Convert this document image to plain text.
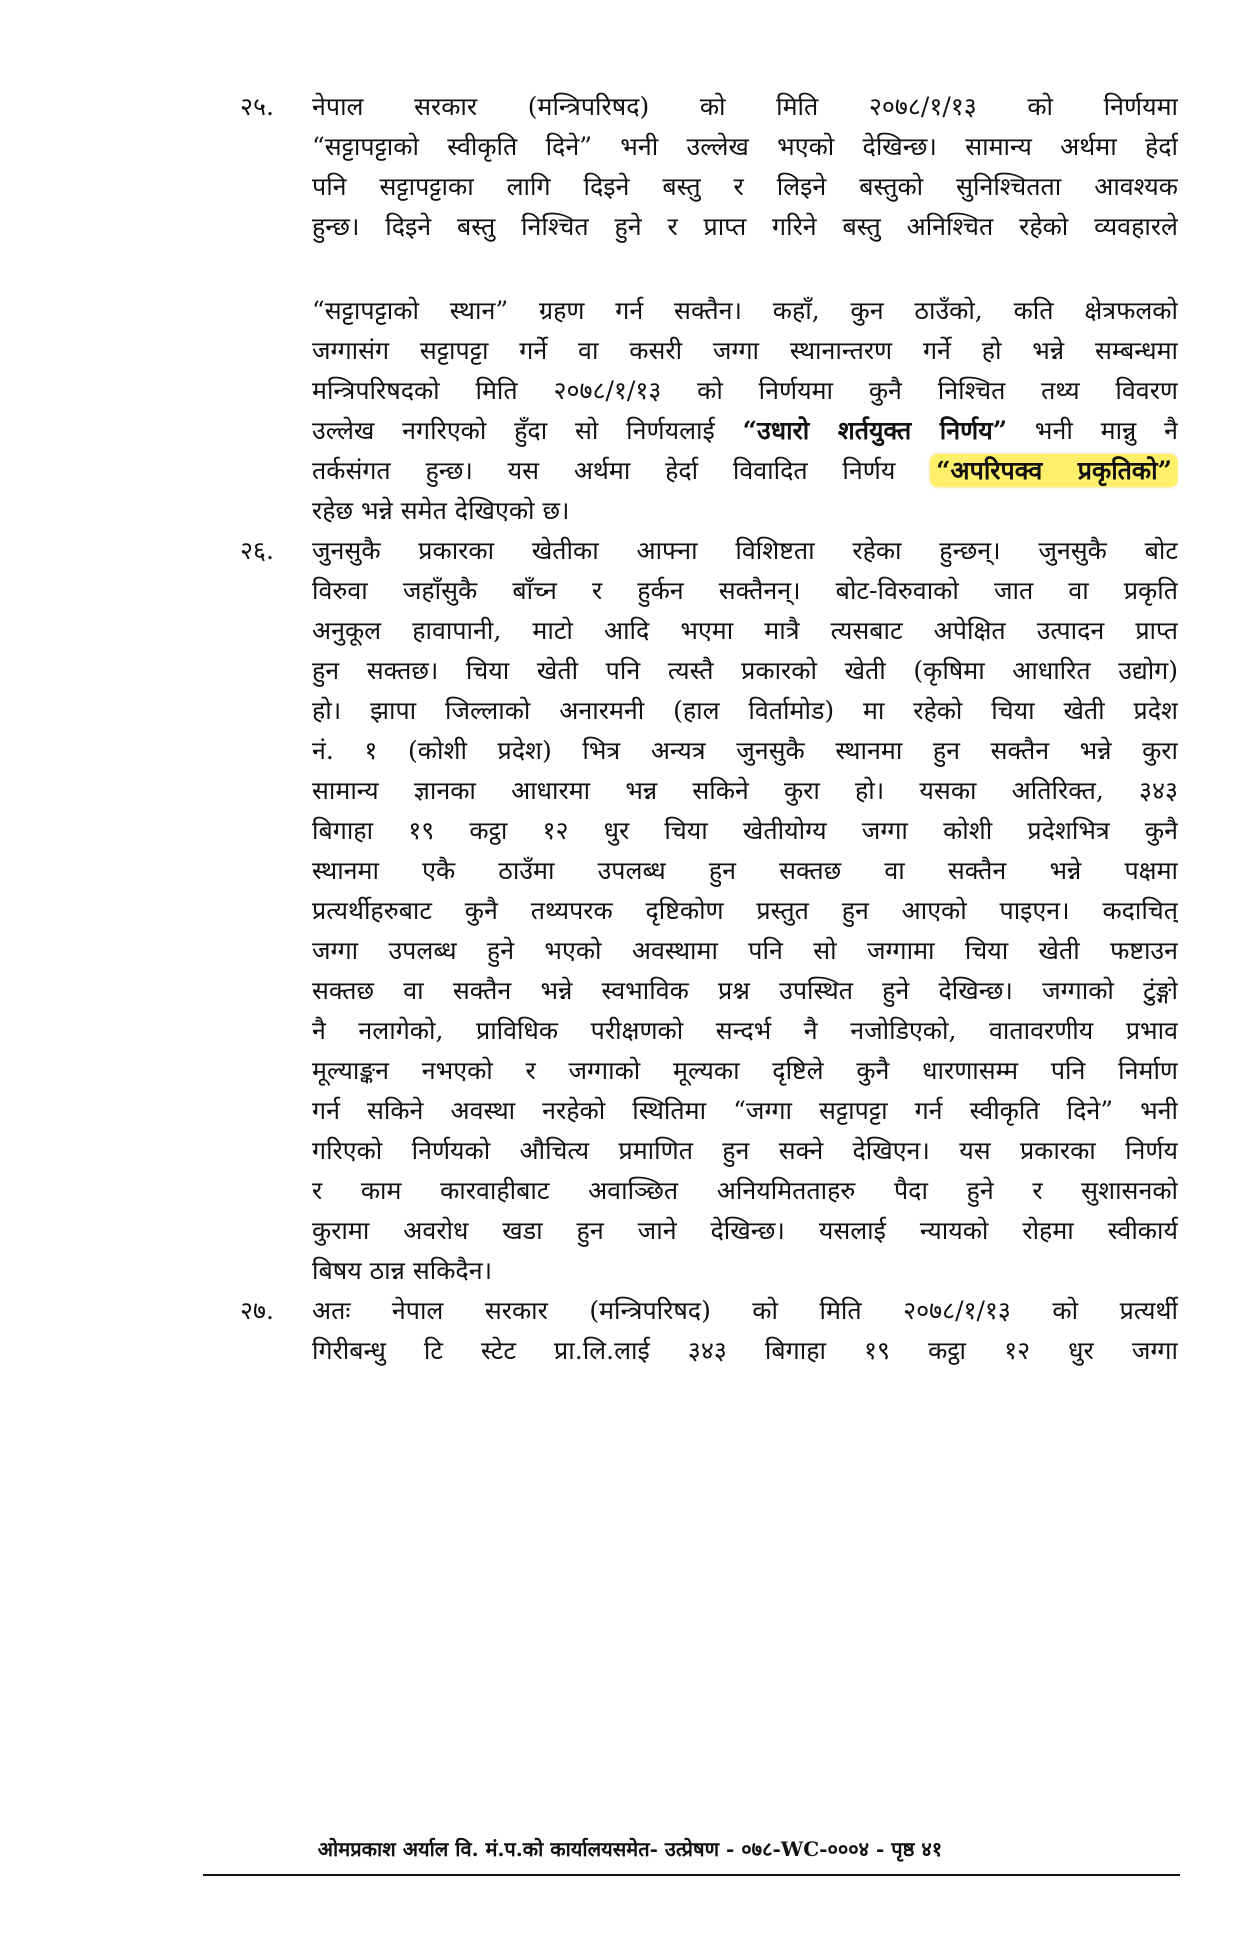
२५. नेपाल सरकार (मन्त्रिपरिषद) को मिति २०७८/१/१३ को निर्णयमा
“सट्टापट्टाको स्वीकृति दिने” भनी उल्लेख भएको देखिन्छ। सामान्य अर्थमा हेर्दा
पनि सट्टापट्टाका लागि दिइने बस्तु र लिइने बस्तुको सुनिश्चितता आवश्यक
हुन्छ। दिइने बस्तु निश्चित हुने र प्राप्त गरिने बस्तु अनिश्चित रहेको व्यवहारले
“सट्टापट्टाको स्थान” ग्रहण गर्न सक्तैन। कहाँ, कुन ठाउँको, कति क्षेत्रफलको
जग्गासंग सट्टापट्टा गर्ने वा कसरी जग्गा स्थानान्तरण गर्ने हो भन्ने सम्बन्धमा
मन्त्रिपरिषदको मिति २०७८/१/१३ को निर्णयमा कुनै निश्चित तथ्य विवरण
उल्लेख नगरिएको हुँदा सो निर्णयलाई “उधारो शर्तयुक्त निर्णय” भनी मान्नु नै
तर्कसंगत हुन्छ। यस अर्थमा हेर्दा विवादित निर्णय “अपरिपक्व प्रकृतिको”
रहेछ भन्ने समेत देखिएको छ।
२६. जुनसुकै प्रकारका खेतीका आफ्ना विशिष्टता रहेका हुन्छन्। जुनसुकै बोट
विरुवा जहाँसुकै बाँच्न र हुर्कन सक्तैनन्। बोट-विरुवाको जात वा प्रकृति
अनुकूल हावापानी, माटो आदि भएमा मात्रै त्यसबाट अपेक्षित उत्पादन प्राप्त
हुन सक्तछ। चिया खेती पनि त्यस्तै प्रकारको खेती (कृषिमा आधारित उद्योग)
हो। झापा जिल्लाको अनारमनी (हाल विर्तामोड) मा रहेको चिया खेती प्रदेश
नं. १ (कोशी प्रदेश) भित्र अन्यत्र जुनसुकै स्थानमा हुन सक्तैन भन्ने कुरा
सामान्य ज्ञानका आधारमा भन्न सकिने कुरा हो। यसका अतिरिक्त, ३४३
बिगाहा १९ कट्ठा १२ धुर चिया खेतीयोग्य जग्गा कोशी प्रदेशभित्र कुनै
स्थानमा एकै ठाउँमा उपलब्ध हुन सक्तछ वा सक्तैन भन्ने पक्षमा
प्रत्यर्थीहरुबाट कुनै तथ्यपरक दृष्टिकोण प्रस्तुत हुन आएको पाइएन। कदाचित्
जग्गा उपलब्ध हुने भएको अवस्थामा पनि सो जग्गामा चिया खेती फष्टाउन
सक्तछ वा सक्तैन भन्ने स्वभाविक प्रश्न उपस्थित हुने देखिन्छ। जग्गाको टुंङ्गो
नै नलागेको, प्राविधिक परीक्षणको सन्दर्भ नै नजोडिएको, वातावरणीय प्रभाव
मूल्याङ्कन नभएको र जग्गाको मूल्यका दृष्टिले कुनै धारणासम्म पनि निर्माण
गर्न सकिने अवस्था नरहेको स्थितिमा “जग्गा सट्टापट्टा गर्न स्वीकृति दिने” भनी
गरिएको निर्णयको औचित्य प्रमाणित हुन सक्ने देखिएन। यस प्रकारका निर्णय
र काम कारवाहीबाट अवाञ्छित अनियमितताहरु पैदा हुने र सुशासनको
कुरामा अवरोध खडा हुन जाने देखिन्छ। यसलाई न्यायको रोहमा स्वीकार्य
बिषय ठान्न सकिदैन।
२७. अतः नेपाल सरकार (मन्त्रिपरिषद) को मिति २०७८/१/१३ को प्रत्यर्थी
गिरीबन्धु टि स्टेट प्रा.लि.लाई ३४३ बिगाहा १९ कट्ठा १२ धुर जग्गा
ओमप्रकाश अर्याल वि. मं.प.को कार्यालयसमेत- उत्प्रेषण - ०७८-WC-०००४ - पृष्ठ ४१
